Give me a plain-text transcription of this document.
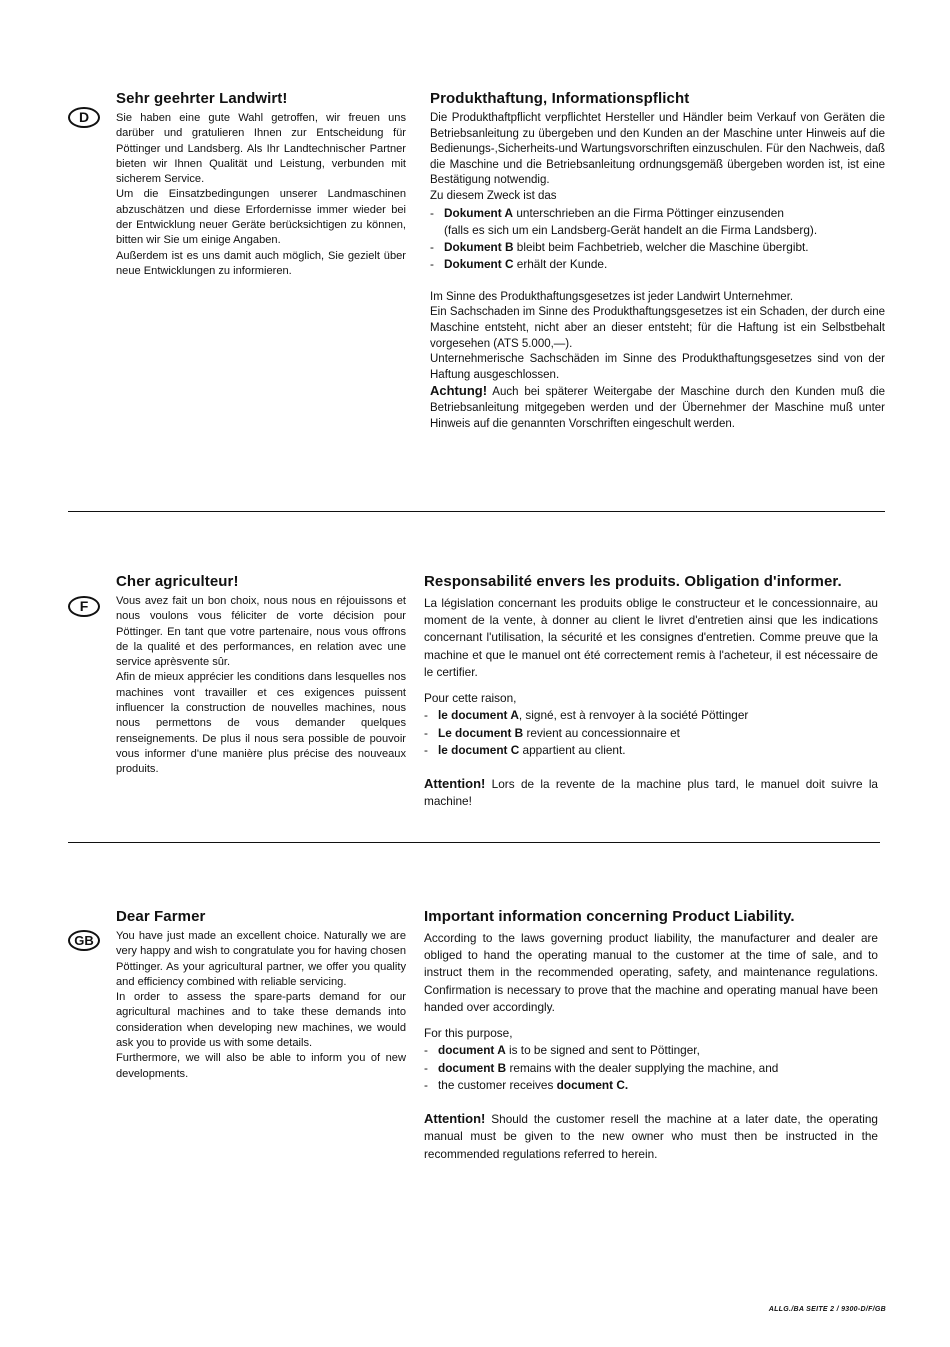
D
Sehr geehrter Landwirt!

Sie haben eine gute Wahl getroffen, wir freuen uns darüber und gratulieren Ihnen zur Entscheidung für Pöttinger und Landsberg. Als Ihr Landtechnischer Partner bieten wir Ihnen Qualität und Leistung, verbunden mit sicherem Service.

Um die Einsatzbedingungen unserer Landmaschinen abzuschätzen und diese Erfordernisse immer wieder bei der Entwicklung neuer Geräte berücksichtigen zu können, bitten wir Sie um einige Angaben.

Außerdem ist es uns damit auch möglich, Sie gezielt über neue Entwicklungen zu informieren.

Produkthaftung, Informationspflicht

Die Produkthaftpflicht verpflichtet Hersteller und Händler beim Verkauf von Geräten die Betriebsanleitung zu übergeben und den Kunden an der Maschine unter Hinweis auf die Bedienungs-,Sicherheits-und Wartungsvorschriften einzuschulen. Für den Nachweis, daß die Maschine und die Betriebsanleitung ordnungsgemäß übergeben worden ist, ist eine Bestätigung notwendig.

Zu diesem Zweck ist das

- Dokument A unterschrieben an die Firma Pöttinger einzusenden
(falls es sich um ein Landsberg-Gerät handelt an die Firma Landsberg).
- Dokument B bleibt beim Fachbetrieb, welcher die Maschine übergibt.
- Dokument C erhält der Kunde.

Im Sinne des Produkthaftungsgesetzes ist jeder Landwirt Unternehmer.

Ein Sachschaden im Sinne des Produkthaftungsgesetzes ist ein Schaden, der durch eine Maschine entsteht, nicht aber an dieser entsteht; für die Haftung ist ein Selbstbehalt vorgesehen (ATS 5.000,—).

Unternehmerische Sachschäden im Sinne des Produkthaftungsgesetzes sind von der Haftung ausgeschlossen.

Achtung! Auch bei späterer Weitergabe der Maschine durch den Kunden muß die Betriebsanleitung mitgegeben werden und der Übernehmer der Maschine muß unter Hinweis auf die genannten Vorschriften eingeschult werden.

F
Cher agriculteur!

Vous avez fait un bon choix, nous nous en réjouissons et nous voulons vous féliciter de vorte décision pour Pöttinger. En tant que votre partenaire, nous vous offrons de la qualité et des performances, en relation avec une service aprèsvente sûr.

Afin de mieux apprécier les conditions dans lesquelles nos machines vont travailler et ces exigences puissent influencer la construction de nouvelles machines, nous nous permettons de vous demander quelques renseignements. De plus il nous sera possible de pouvoir vous informer d'une manière plus précise des nouveaux produits.

Responsabilité envers les produits. Obligation d'informer.

La législation concernant les produits oblige le constructeur et le concessionnaire, au moment de la vente, à donner au client le livret d'entretien ainsi que les indications concernant l'utilisation, la sécurité et les consignes d'entretien. Comme preuve que la machine et que le manuel ont été correctement remis à l'acheteur, il est nécessaire de le certifier.

Pour cette raison,

- le document A, signé, est à renvoyer à la société Pöttinger
- Le document B revient au concessionnaire et
- le document C appartient au client.

Attention! Lors de la revente de la machine plus tard, le manuel doit suivre la machine!

GB
Dear Farmer

You have just made an excellent choice. Naturally we are very happy and wish to congratulate you for having chosen Pöttinger. As your agricultural partner, we offer you quality and efficiency combined with reliable servicing.

In order to assess the spare-parts demand for our agricultural machines and to take these demands into consideration when developing new machines, we would ask you to provide us with some details.

Furthermore, we will also be able to inform you of new developments.

Important information concerning Product Liability.

According to the laws governing product liability, the manufacturer and dealer are obliged to hand the operating manual to the customer at the time of sale, and to instruct them in the recommended operating, safety, and maintenance regulations. Confirmation is necessary to prove that the machine and operating manual have been handed over accordingly.

For this purpose,

- document A is to be signed and sent to Pöttinger,
- document B remains with the dealer supplying the machine, and
- the customer receives document C.

Attention! Should the customer resell the machine at a later date, the operating manual must be given to the new owner who must then be instructed in the recommended regulations referred to herein.

ALLG./BA SEITE 2 / 9300-D/F/GB
